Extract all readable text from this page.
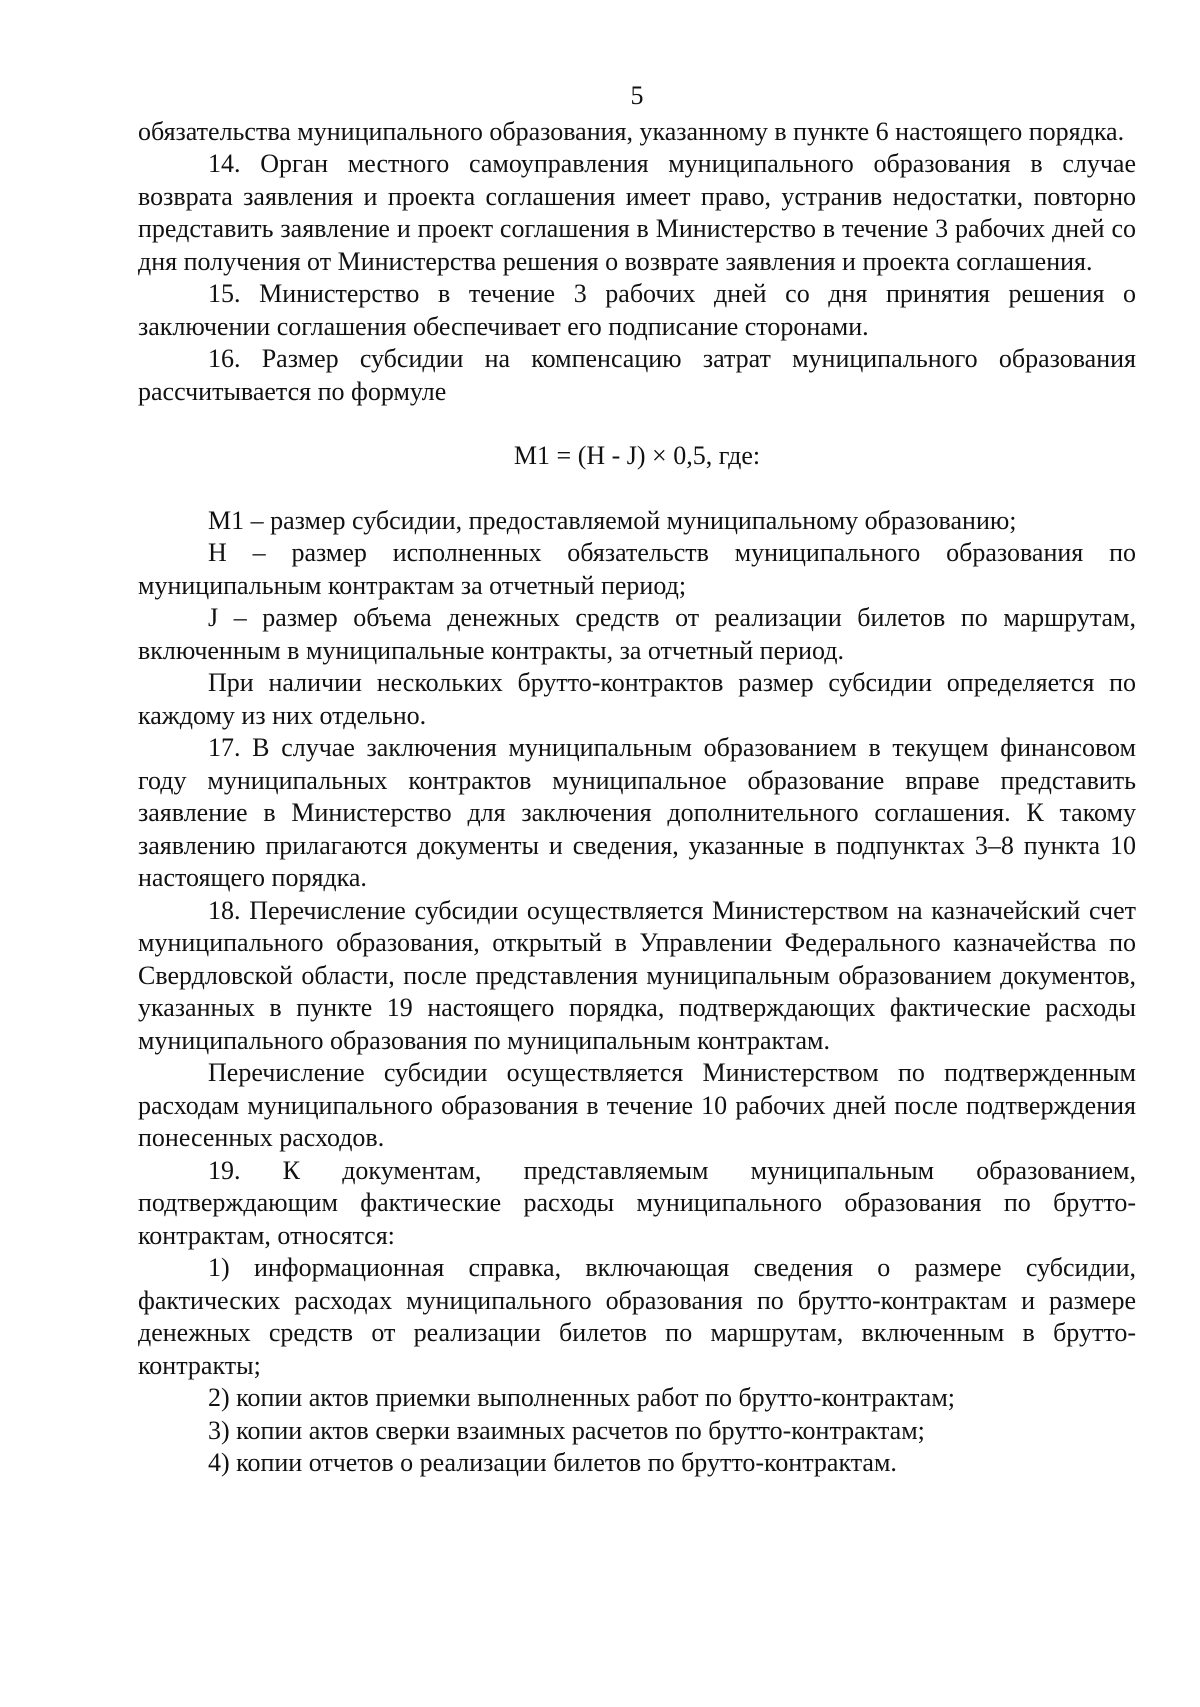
5

обязательства муниципального образования, указанному в пункте 6 настоящего порядка.

14. Орган местного самоуправления муниципального образования в случае возврата заявления и проекта соглашения имеет право, устранив недостатки, повторно представить заявление и проект соглашения в Министерство в течение 3 рабочих дней со дня получения от Министерства решения о возврате заявления и проекта соглашения.

15. Министерство в течение 3 рабочих дней со дня принятия решения о заключении соглашения обеспечивает его подписание сторонами.

16. Размер субсидии на компенсацию затрат муниципального образования рассчитывается по формуле

М1 = (Н - J) × 0,5, где:

М1 – размер субсидии, предоставляемой муниципальному образованию;

Н – размер исполненных обязательств муниципального образования по муниципальным контрактам за отчетный период;

J – размер объема денежных средств от реализации билетов по маршрутам, включенным в муниципальные контракты, за отчетный период.

При наличии нескольких брутто-контрактов размер субсидии определяется по каждому из них отдельно.

17. В случае заключения муниципальным образованием в текущем финансовом году муниципальных контрактов муниципальное образование вправе представить заявление в Министерство для заключения дополнительного соглашения. К такому заявлению прилагаются документы и сведения, указанные в подпунктах 3–8 пункта 10 настоящего порядка.

18. Перечисление субсидии осуществляется Министерством на казначейский счет муниципального образования, открытый в Управлении Федерального казначейства по Свердловской области, после представления муниципальным образованием документов, указанных в пункте 19 настоящего порядка, подтверждающих фактические расходы муниципального образования по муниципальным контрактам.

Перечисление субсидии осуществляется Министерством по подтвержденным расходам муниципального образования в течение 10 рабочих дней после подтверждения понесенных расходов.

19. К документам, представляемым муниципальным образованием, подтверждающим фактические расходы муниципального образования по брутто-контрактам, относятся:

1) информационная справка, включающая сведения о размере субсидии, фактических расходах муниципального образования по брутто-контрактам и размере денежных средств от реализации билетов по маршрутам, включенным в брутто-контракты;

2) копии актов приемки выполненных работ по брутто-контрактам;

3) копии актов сверки взаимных расчетов по брутто-контрактам;

4) копии отчетов о реализации билетов по брутто-контрактам.
